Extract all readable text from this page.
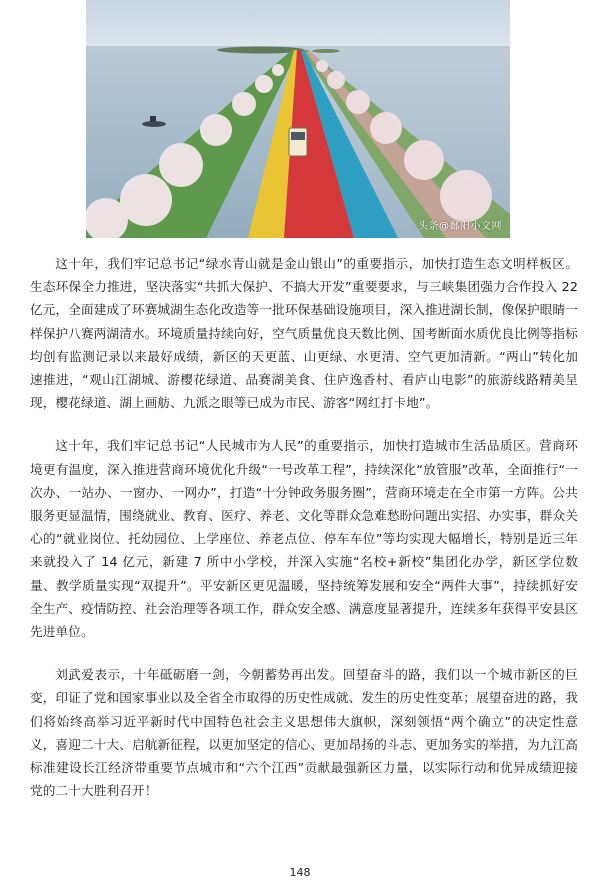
头条@鄱阳小文网

这十年，我们牢记总书记“绿水青山就是金山银山”的重要指示，加快打造生态文明样板区。生态环保全力推进，坚决落实“共抓大保护、不搞大开发”重要要求，与三峡集团强力合作投入 22 亿元，全面建成了环赛城湖生态化改造等一批环保基础设施项目，深入推进湖长制，像保护眼睛一样保护八赛两湖清水。环境质量持续向好，空气质量优良天数比例、国考断面水质优良比例等指标均创有监测记录以来最好成绩，新区的天更蓝、山更绿、水更清、空气更加清新。“两山”转化加速推进，“观山江湖城、游樱花绿道、品赛湖美食、住庐逸香村、看庐山电影”的旅游线路精美呈现，樱花绿道、湖上画舫、九派之眼等已成为市民、游客“网红打卡地”。

这十年，我们牢记总书记“人民城市为人民”的重要指示，加快打造城市生活品质区。营商环境更有温度，深入推进营商环境优化升级“一号改革工程”，持续深化“放管服”改革，全面推行“一次办、一站办、一窗办、一网办”，打造“十分钟政务服务圈”，营商环境走在全市第一方阵。公共服务更显温情，围绕就业、教育、医疗、养老、文化等群众急难愁盼问题出实招、办实事，群众关心的“就业岗位、托幼园位、上学座位、养老点位、停车车位”等均实现大幅增长，特别是近三年来就投入了 14 亿元，新建 7 所中小学校，并深入实施“名校+新校”集团化办学，新区学位数量、教学质量实现“双提升”。平安新区更见温暖，坚持统筹发展和安全“两件大事”，持续抓好安全生产、疫情防控、社会治理等各项工作，群众安全感、满意度显著提升，连续多年获得平安县区先进单位。

刘武爱表示，十年砥砺磨一剑，今朝蓄势再出发。回望奋斗的路，我们以一个城市新区的巨变，印证了党和国家事业以及全省全市取得的历史性成就、发生的历史性变革；展望奋进的路，我们将始终高举习近平新时代中国特色社会主义思想伟大旗帜，深刻领悟“两个确立”的决定性意义，喜迎二十大、启航新征程，以更加坚定的信心、更加昂扬的斗志、更加务实的举措，为九江高标准建设长江经济带重要节点城市和“六个江西”贡献最强新区力量，以实际行动和优异成绩迎接党的二十大胜利召开！

148
